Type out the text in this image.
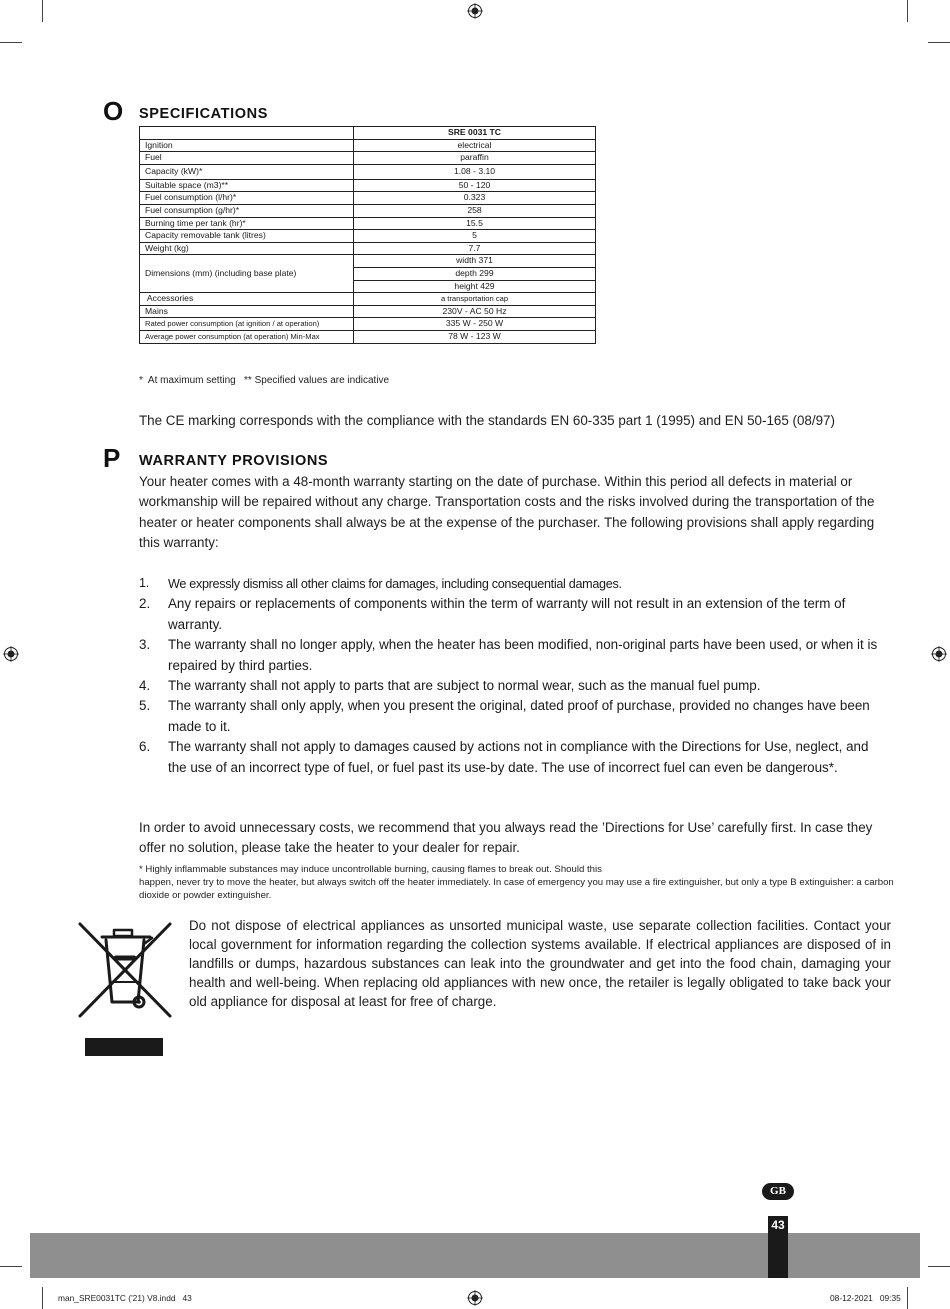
O SPECIFICATIONS
	SRE 0031 TC
Ignition	electrical
Fuel	paraffin
Capacity (kW)*	1.08 - 3.10
Suitable space (m3)**	50 - 120
Fuel consumption (l/hr)*	0.323
Fuel consumption (g/hr)*	258
Burning time per tank (hr)*	15.5
Capacity removable tank (litres)	5
Weight (kg)	7.7
Dimensions (mm) (including base plate)	width 371
	depth 299
	height 429
Accessories	a transportation cap
Mains	230V - AC 50 Hz
Rated power consumption (at ignition / at operation)	335 W - 250 W
Average power consumption (at operation) Min-Max	78 W - 123 W
*  At maximum setting   ** Specified values are indicative
The CE marking corresponds with the compliance with the standards EN 60-335 part 1 (1995) and EN 50-165 (08/97)
P WARRANTY PROVISIONS
Your heater comes with a 48-month warranty starting on the date of purchase. Within this period all defects in material or workmanship will be repaired without any charge. Transportation costs and the risks involved during the transportation of the heater or heater components shall always be at the expense of the purchaser. The following provisions shall apply regarding this warranty:
1. We expressly dismiss all other claims for damages, including consequential damages.
2. Any repairs or replacements of components within the term of warranty will not result in an extension of the term of warranty.
3. The warranty shall no longer apply, when the heater has been modified, non-original parts have been used, or when it is repaired by third parties.
4. The warranty shall not apply to parts that are subject to normal wear, such as the manual fuel pump.
5. The warranty shall only apply, when you present the original, dated proof of purchase, provided no changes have been made to it.
6. The warranty shall not apply to damages caused by actions not in compliance with the Directions for Use, neglect, and the use of an incorrect type of fuel, or fuel past its use-by date. The use of incorrect fuel can even be dangerous*.
In order to avoid unnecessary costs, we recommend that you always read the ’Directions for Use’ carefully first. In case they offer no solution, please take the heater to your dealer for repair.
* Highly inflammable substances may induce uncontrollable burning, causing flames to break out. Should this
happen, never try to move the heater, but always switch off the heater immediately. In case of emergency you may use a fire extinguisher, but only a type B extinguisher: a carbon dioxide or powder extinguisher.
Do not dispose of electrical appliances as unsorted municipal waste, use separate collection facilities. Contact your local government for information regarding the collection systems available. If electrical appliances are disposed of in landfills or dumps, hazardous substances can leak into the groundwater and get into the food chain, damaging your health and well-being. When replacing old appliances with new once, the retailer is legally obligated to take back your old appliance for disposal at least for free of charge.
GB
43
man_SRE0031TC ('21) V8.indd   43	08-12-2021   09:35
